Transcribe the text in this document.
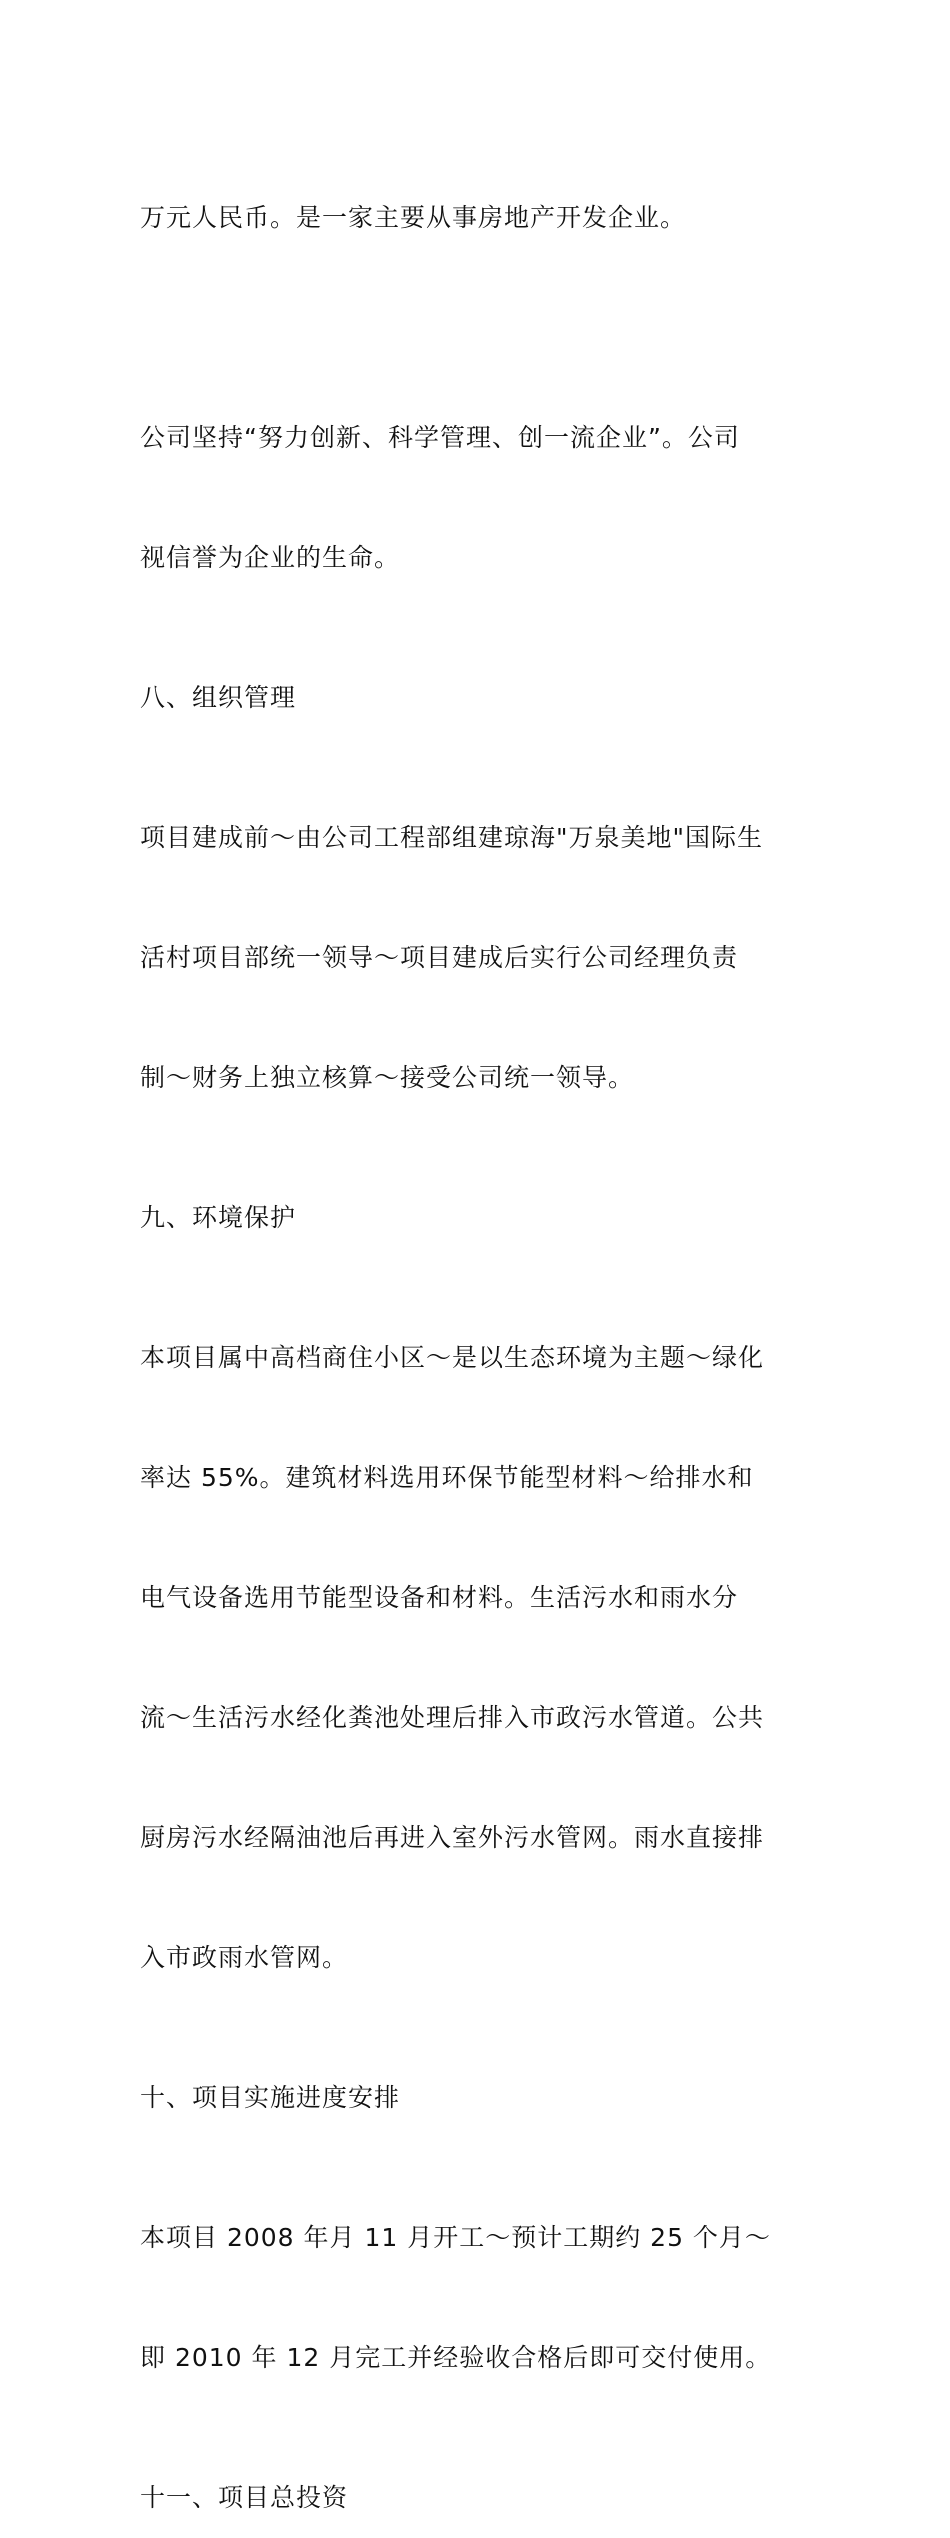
万元人民币。是一家主要从事房地产开发企业。

公司坚持“努力创新、科学管理、创一流企业”。公司

视信誉为企业的生命。

八、组织管理

项目建成前～由公司工程部组建琼海"万泉美地"国际生

活村项目部统一领导～项目建成后实行公司经理负责

制～财务上独立核算～接受公司统一领导。

九、环境保护

本项目属中高档商住小区～是以生态环境为主题～绿化

率达 55%。建筑材料选用环保节能型材料～给排水和

电气设备选用节能型设备和材料。生活污水和雨水分

流～生活污水经化粪池处理后排入市政污水管道。公共

厨房污水经隔油池后再进入室外污水管网。雨水直接排

入市政雨水管网。

十、项目实施进度安排

本项目 2008 年月 11 月开工～预计工期约 25 个月～

即 2010 年 12 月完工并经验收合格后即可交付使用。

十一、项目总投资
